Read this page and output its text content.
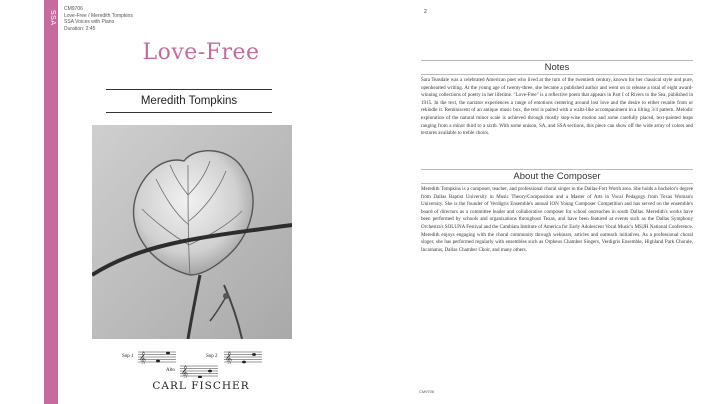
SSA
CM9706
Love-Free / Meredith Tompkins
SSA Voices with Piano
Duration: 2:45
Love-Free
Meredith Tompkins
Sop 1 𝄞	Sop 2 𝄞
Alto 𝄞
CARL FISCHER
2
Notes

Sara Teasdale was a celebrated American poet who lived at the turn of the twentieth century, known for her classical style and pure, openhearted writing. At the young age of twenty-three, she became a published author and went on to release a total of eight award-winning collections of poetry in her lifetime. "Love-Free" is a reflective poem that appears in Part I of Rivers to the Sea, published in 1915. In the text, the narrator experiences a range of emotions centering around lost love and the desire to either reunite from or rekindle it. Reminiscent of an antique music box, the text is paired with a waltz-like accompaniment in a lilting 3/4 pattern. Melodic exploration of the natural minor scale is achieved through mostly step-wise motion and some carefully placed, text-painted leaps ranging from a minor third to a sixth. With some unison, SA, and SSA sections, this piece can show off the wide array of colors and textures available to treble choirs.

About the Composer

Meredith Tompkins is a composer, teacher, and professional choral singer in the Dallas-Fort Worth area. She holds a bachelor's degree from Dallas Baptist University in Music Theory/Composition and a Master of Arts in Vocal Pedagogy from Texas Woman's University. She is the founder of Verdigris Ensemble's annual ION Young Composer Competition and has served on the ensemble's board of directors as a committee leader and collaborative composer for school outreaches in south Dallas. Meredith's works have been performed by schools and organizations throughout Texas, and have been featured at events such as the Dallas Symphony Orchestra's SOLUNA Festival and the Cambiata Institute of America for Early Adolescent Vocal Music's MS|JH National Conference. Meredith enjoys engaging with the choral community through webinars, articles and outreach initiatives. As a professional choral singer, she has performed regularly with ensembles such as Orpheus Chamber Singers, Verdigris Ensemble, Highland Park Chorale, Incarnatus, Dallas Chamber Choir, and many others.

CM9706
